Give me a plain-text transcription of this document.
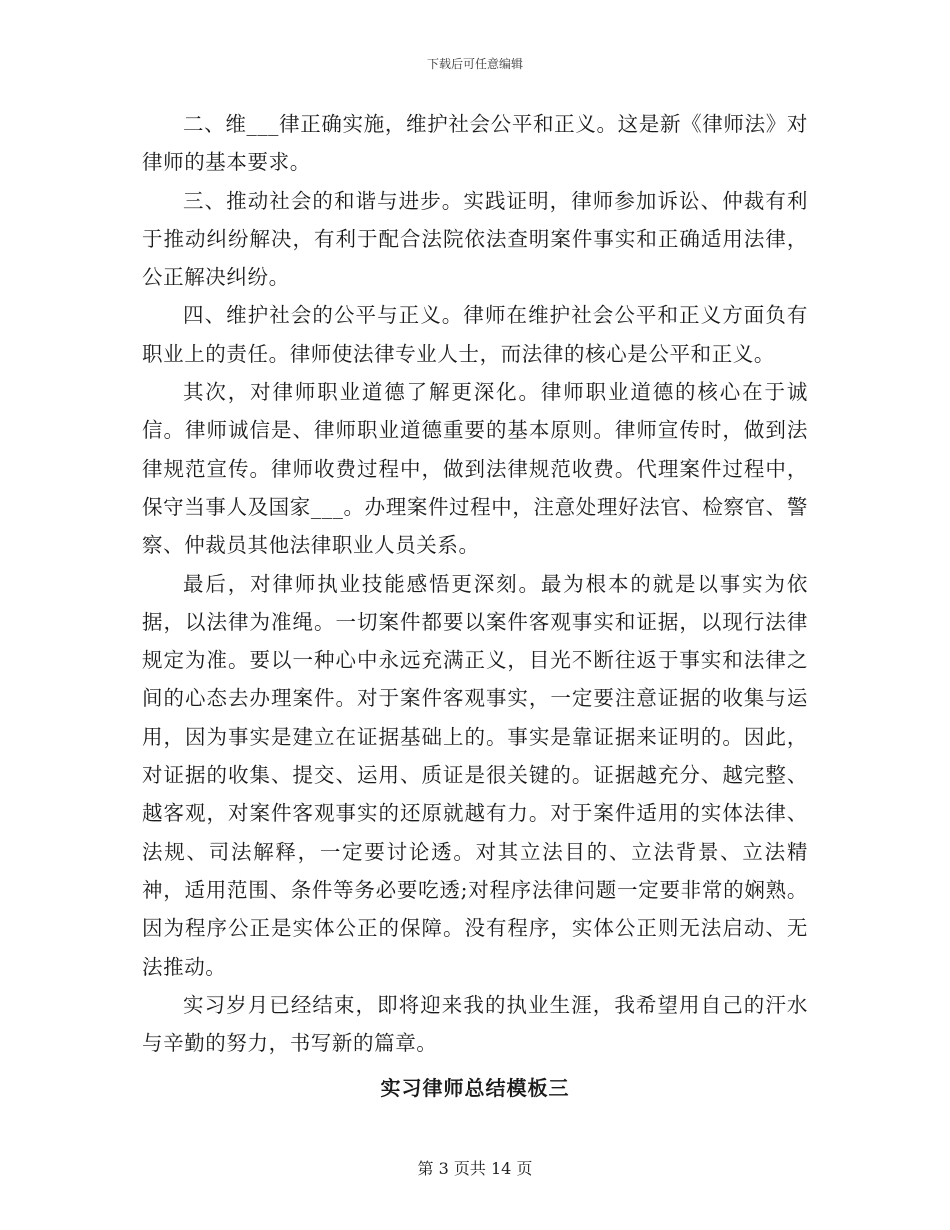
下载后可任意编辑

二、维___律正确实施，维护社会公平和正义。这是新《律师法》对律师的基本要求。

三、推动社会的和谐与进步。实践证明，律师参加诉讼、仲裁有利于推动纠纷解决，有利于配合法院依法查明案件事实和正确适用法律，公正解决纠纷。

四、维护社会的公平与正义。律师在维护社会公平和正义方面负有职业上的责任。律师使法律专业人士，而法律的核心是公平和正义。

其次，对律师职业道德了解更深化。律师职业道德的核心在于诚信。律师诚信是、律师职业道德重要的基本原则。律师宣传时，做到法律规范宣传。律师收费过程中，做到法律规范收费。代理案件过程中，保守当事人及国家___。办理案件过程中，注意处理好法官、检察官、警察、仲裁员其他法律职业人员关系。

最后，对律师执业技能感悟更深刻。最为根本的就是以事实为依据，以法律为准绳。一切案件都要以案件客观事实和证据，以现行法律规定为准。要以一种心中永远充满正义，目光不断往返于事实和法律之间的心态去办理案件。对于案件客观事实，一定要注意证据的收集与运用，因为事实是建立在证据基础上的。事实是靠证据来证明的。因此，对证据的收集、提交、运用、质证是很关键的。证据越充分、越完整、越客观，对案件客观事实的还原就越有力。对于案件适用的实体法律、法规、司法解释，一定要讨论透。对其立法目的、立法背景、立法精神，适用范围、条件等务必要吃透;对程序法律问题一定要非常的娴熟。因为程序公正是实体公正的保障。没有程序，实体公正则无法启动、无法推动。

实习岁月已经结束，即将迎来我的执业生涯，我希望用自己的汗水与辛勤的努力，书写新的篇章。

实习律师总结模板三
第 3 页共 14 页
